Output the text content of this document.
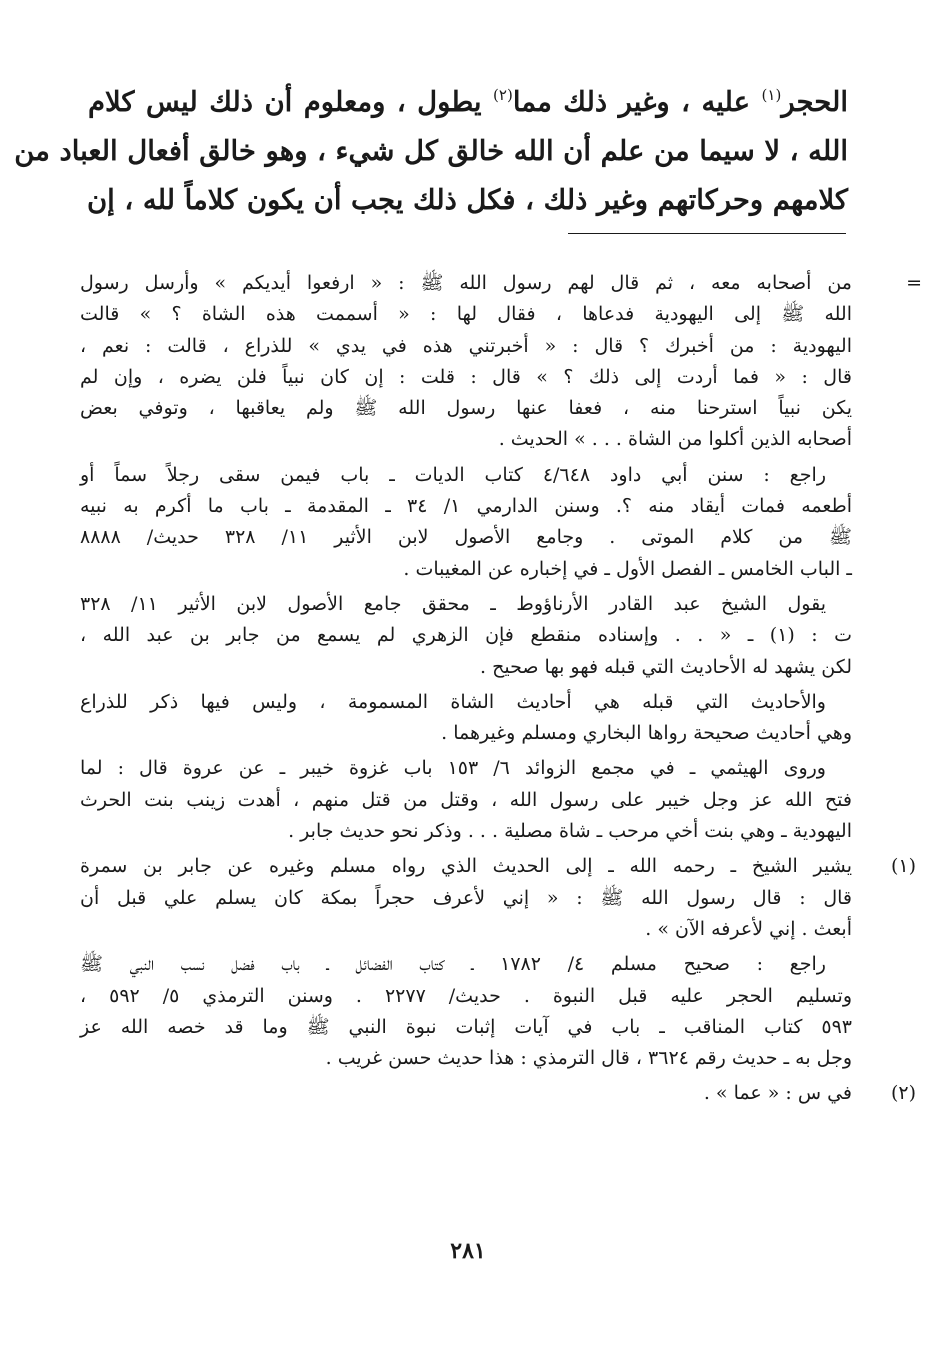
الحجر$^{(١)}$ عليه ، وغير ذلك مما$^{(٢)}$ يطول ، ومعلوم أن ذلك ليس كلام
الله ، لا سيما من علم أن الله خالق كل شيء ، وهو خالق أفعال العباد من
كلامهم وحركاتهم وغير ذلك ، فكل ذلك يجب أن يكون كلاماً لله ، إن
=
من أصحابه معه ، ثم قال لهم رسول الله ﷺ : « ارفعوا أيديكم » وأرسل رسول
الله ﷺ إلى اليهودية فدعاها ، فقال لها : « أسممت هذه الشاة ؟ » قالت
اليهودية : من أخبرك ؟ قال : « أخبرتني هذه في يدي » للذراع ، قالت : نعم ،
قال : « فما أردت إلى ذلك ؟ » قال : قلت : إن كان نبياً فلن يضره ، وإن لم
يكن نبياً استرحنا منه ، فعفا عنها رسول الله ﷺ ولم يعاقبها ، وتوفي بعض
أصحابه الذين أكلوا من الشاة . . . » الحديث .
راجع : سنن أبي داود ٤/٦٤٨ كتاب الديات ـ باب فيمن سقى رجلاً سماً أو
أطعمه فمات أيقاد منه ؟. وسنن الدارمي ١/ ٣٤ ـ المقدمة ـ باب ما أكرم به نبيه
ﷺ من كلام الموتى . وجامع الأصول لابن الأثير ١١/ ٣٢٨ حديث/ ٨٨٨٨
ـ الباب الخامس ـ الفصل الأول ـ في إخباره عن المغيبات .
يقول الشيخ عبد القادر الأرناؤوط ـ محقق جامع الأصول لابن الأثير ١١/ ٣٢٨
ت : (١) ـ « . . وإسناده منقطع فإن الزهري لم يسمع من جابر بن عبد الله ،
لكن يشهد له الأحاديث التي قبله فهو بها صحيح .
والأحاديث التي قبله هي أحاديث الشاة المسمومة ، وليس فيها ذكر للذراع
وهي أحاديث صحيحة رواها البخاري ومسلم وغيرهما .
وروى الهيثمي ـ في مجمع الزوائد ٦/ ١٥٣ باب غزوة خيبر ـ عن عروة قال : لما
فتح الله عز وجل خيبر على رسول الله ، وقتل من قتل منهم ، أهدت زينب بنت الحرث
اليهودية ـ وهي بنت أخي مرحب ـ شاة مصلية . . . وذكر نحو حديث جابر .
(١)
يشير الشيخ ـ رحمه الله ـ إلى الحديث الذي رواه مسلم وغيره عن جابر بن سمرة
قال : قال رسول الله ﷺ : « إني لأعرف حجراً بمكة كان يسلم علي قبل أن
أبعث . إني لأعرفه الآن » .
راجع : صحيح مسلم ٤/ ١٧٨٢ ـ كتاب الفضائل ـ باب فضل نسب النبي ﷺ
وتسليم الحجر عليه قبل النبوة . حديث/ ٢٢٧٧ . وسنن الترمذي ٥/ ٥٩٢ ،
٥٩٣ كتاب المناقب ـ باب في آيات إثبات نبوة النبي ﷺ وما قد خصه الله عز
وجل به ـ حديث رقم ٣٦٢٤ ، قال الترمذي : هذا حديث حسن غريب .
(٢)
في س : « عما » .
٢٨١
